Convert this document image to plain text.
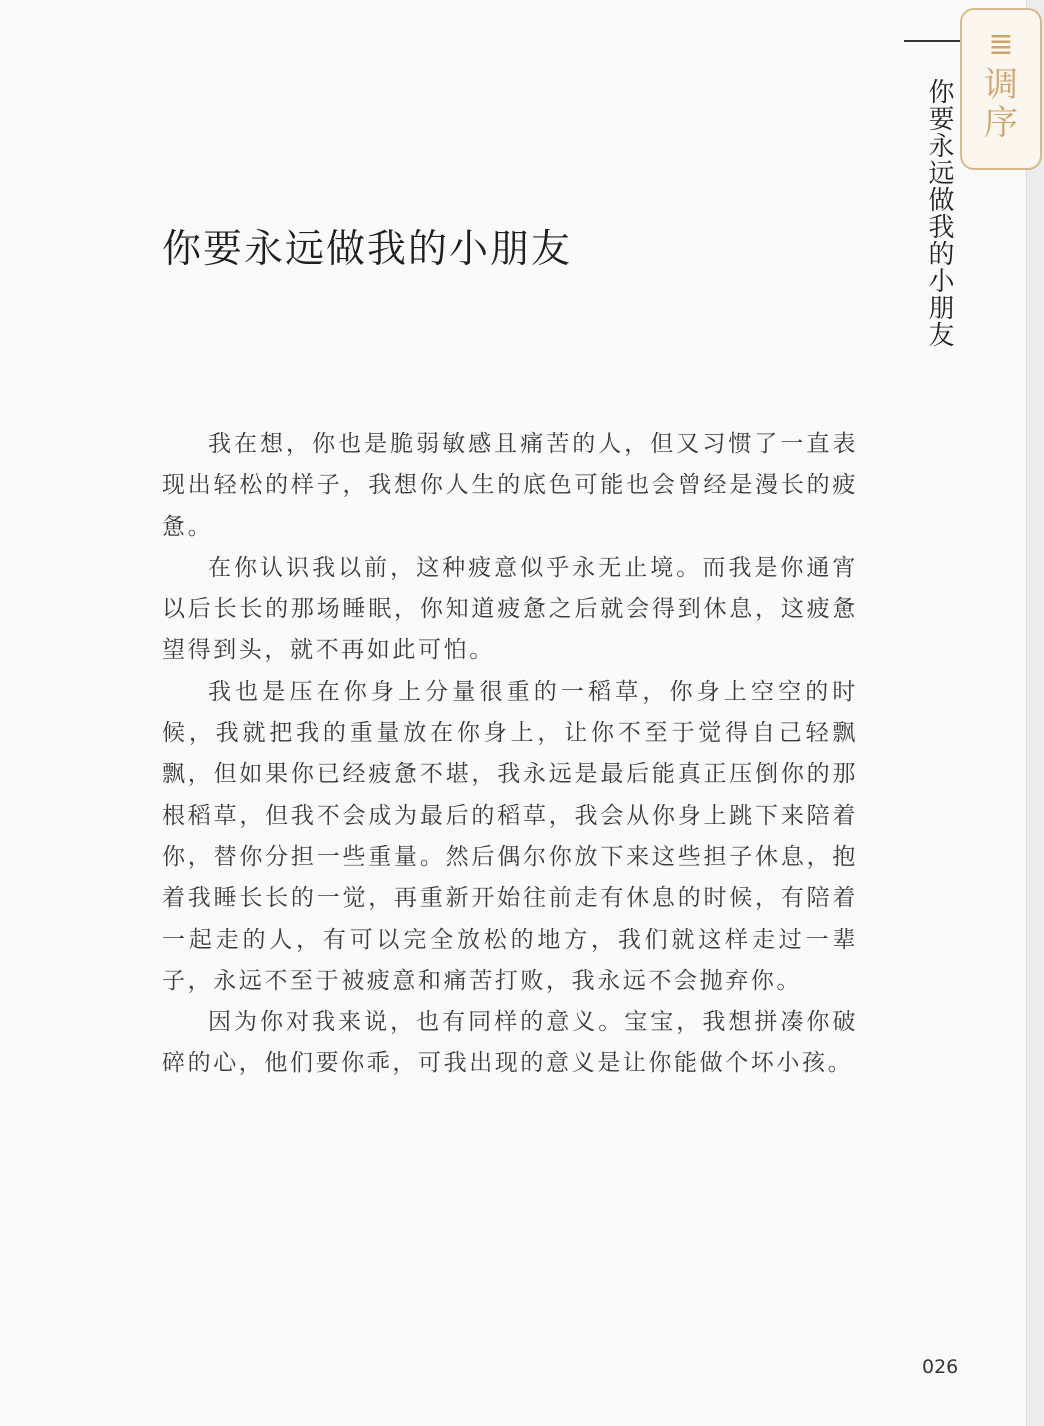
≣
调序
你要永远做我的小朋友
你要永远做我的小朋友

我在想，你也是脆弱敏感且痛苦的人，但又习惯了一直表现出轻松的样子，我想你人生的底色可能也会曾经是漫长的疲惫。

在你认识我以前，这种疲意似乎永无止境。而我是你通宵以后长长的那场睡眠，你知道疲惫之后就会得到休息，这疲惫望得到头，就不再如此可怕。

我也是压在你身上分量很重的一稻草，你身上空空的时候，我就把我的重量放在你身上，让你不至于觉得自己轻飘飘，但如果你已经疲惫不堪，我永远是最后能真正压倒你的那根稻草，但我不会成为最后的稻草，我会从你身上跳下来陪着你，替你分担一些重量。然后偶尔你放下来这些担子休息，抱着我睡长长的一觉，再重新开始往前走有休息的时候，有陪着一起走的人，有可以完全放松的地方，我们就这样走过一辈子，永远不至于被疲意和痛苦打败，我永远不会抛弃你。

因为你对我来说，也有同样的意义。宝宝，我想拼凑你破碎的心，他们要你乖，可我出现的意义是让你能做个坏小孩。

026
